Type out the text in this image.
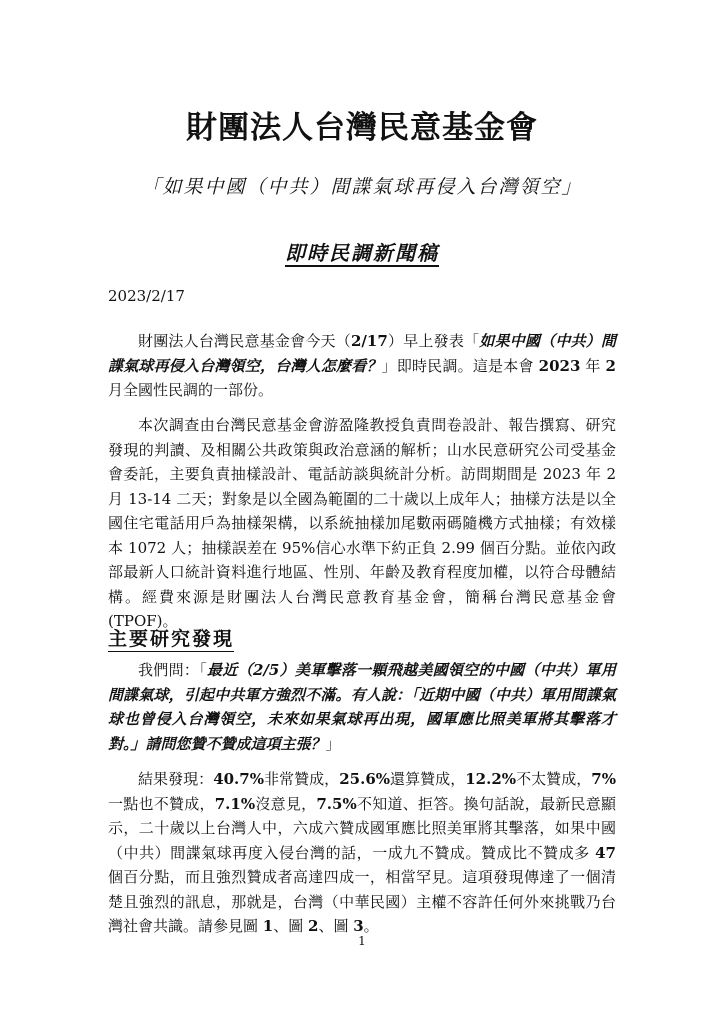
財團法人台灣民意基金會
「如果中國（中共）間諜氣球再侵入台灣領空」
即時民調新聞稿
2023/2/17

財團法人台灣民意基金會今天（2/17）早上發表「如果中國（中共）間諜氣球再侵入台灣領空，台灣人怎麼看？」即時民調。這是本會 2023 年 2 月全國性民調的一部份。

本次調查由台灣民意基金會游盈隆教授負責問卷設計、報告撰寫、研究發現的判讀、及相關公共政策與政治意涵的解析；山水民意研究公司受基金會委託，主要負責抽樣設計、電話訪談與統計分析。訪問期間是 2023 年 2 月 13-14 二天；對象是以全國為範圍的二十歲以上成年人；抽樣方法是以全國住宅電話用戶為抽樣架構，以系統抽樣加尾數兩碼隨機方式抽樣；有效樣本 1072 人；抽樣誤差在 95%信心水準下約正負 2.99 個百分點。並依內政部最新人口統計資料進行地區、性別、年齡及教育程度加權，以符合母體結構。經費來源是財團法人台灣民意教育基金會，簡稱台灣民意基金會(TPOF)。

主要研究發現

我們問：「最近（2/5）美軍擊落一顆飛越美國領空的中國（中共）軍用間諜氣球，引起中共軍方強烈不滿。有人說：「近期中國（中共）軍用間諜氣球也曾侵入台灣領空，未來如果氣球再出現，國軍應比照美軍將其擊落才對。」請問您贊不贊成這項主張？」

結果發現：40.7%非常贊成，25.6%還算贊成，12.2%不太贊成，7%一點也不贊成，7.1%沒意見，7.5%不知道、拒答。換句話說，最新民意顯示，二十歲以上台灣人中，六成六贊成國軍應比照美軍將其擊落，如果中國（中共）間諜氣球再度入侵台灣的話，一成九不贊成。贊成比不贊成多 47 個百分點，而且強烈贊成者高達四成一，相當罕見。這項發現傳達了一個清楚且強烈的訊息，那就是，台灣（中華民國）主權不容許任何外來挑戰乃台灣社會共識。請參見圖 1、圖 2、圖 3。

1
